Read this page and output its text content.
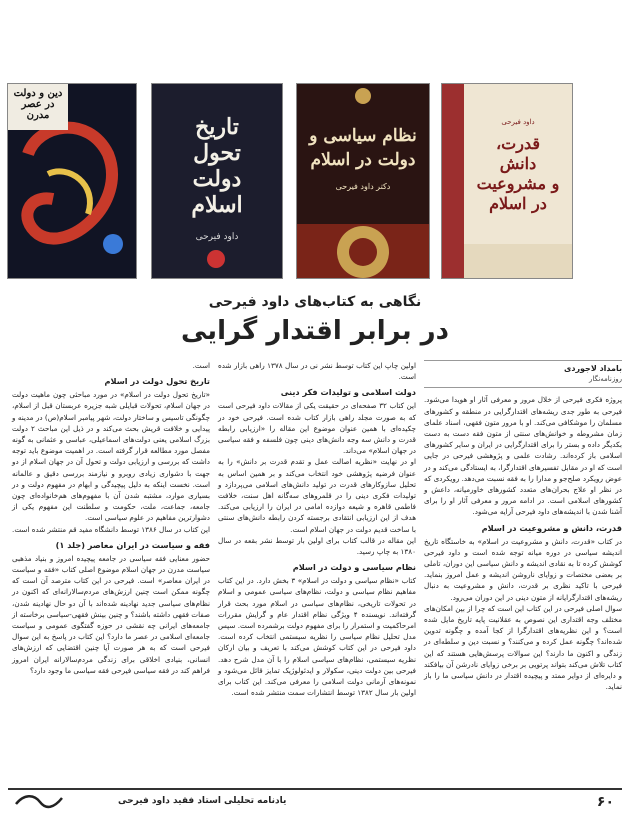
دین و دولت
در عصر مدرن	تاریخ
تحول
دولت
اسلام
داود فیرحی
نظام سیاسی و
دولت در اسلام
دکتر داود فیرحی
قدرت،
دانش
و مشروعیت
در اسلام
داود فیرحی
نگاهی به کتاب‌های داود فیرحی
در برابر اقتدار گرایی
بامداد لاجوردی
روزنامه‌نگار

پروژه فکری فیرحی از خلال مرور و معرفی آثار او هویدا می‌شود. فیرحی به طور جدی ریشه‌های اقتدارگرایی در منطقه و کشورهای مسلمان را موشکافی می‌کند. او با مرور متون فقهی، اسناد علمای زمان مشروطه و خوانش‌های سنتی از متون فقه دست به دست بکدیگر داده و بستر را برای اقتدارگرایی در ایران و سایر کشورهای اسلامی باز کرده‌اند. رشادت علمی و پژوهشی فیرحی در جایی است که او در مقابل تفسیرهای اقتدارگرا، به ایستادگی می‌کند و در عوض رویکرد صلح‌جو و مدارا را به فقه نسبت می‌دهد. رویکردی که در نظر او علاج بحران‌های متعدد کشورهای خاورمیانه، داعش و کشورهای اسلامی است. در ادامه مرور و معرفی آثار او را برای آشنا شدن با اندیشه‌های داود فیرحی آرایه می‌شود.

قدرت، دانش و مشروعیت در اسلام

در کتاب «قدرت، دانش و مشروعیت در اسلام» به خاستگاه تاریخ اندیشه سیاسی در دوره میانه توجه شده است و داود فیرحی کوشش کرده تا به نقادی اندیشه و دانش سیاسی این دوران، تاملی بر بعضی مختصات و زوایای ناروشن اندیشه و عمل امروز بنماید. فیرحی با تاکید نظری بر قدرت، دانش و مشروعیت به دنبال ریشه‌های اقتدارگرایانه از متون دینی در این دوران می‌رود.

سوال اصلی فیرحی در این کتاب این است که چرا از بین امکان‌های مختلف وجه اقتداری این نصوص به عقلانیت پایه تاریخ مایل شده است؟ و این نظریه‌های اقتدارگرا از کجا آمده و چگونه تدوین شده‌اند؟ چگونه عمل کرده و می‌کنند؟ و نسبت دین و سلطه‌ای در زندگی و اکنون ما دارند؟ این سوالات پرسش‌هایی هستند که این کتاب تلاش می‌کند بتواند پرتویی بر برخی زوایای نادرشن آن بیافکند و دایره‌ای از دوایر ممتد و پیچیده اقتدار در دانش سیاسی ما را باز نماید.

اولین چاپ این کتاب توسط نشر نی در سال ۱۳۷۸ راهی بازار شده است.

دولت اسلامی و تولیدات فکر دینی

این کتاب ۳۲ صفحه‌ای در حقیقت یکی از مقالات داود فیرحی است که به صورت مجلد راهی بازار کتاب شده است. فیرحی خود در چکیده‌ای با همین عنوان موضوع این مقاله را «ارزیابی رابطه قدرت و دانش سه وجه دانش‌های دینی چون فلسفه و فقه سیاسی در جهان اسلام» می‌داند.

او در نهایت «نظریه اصالت عمل و تقدم قدرت بر دانش» را به عنوان فرضیه پژوهشی خود انتخاب می‌کند و بر همین اساس به تحلیل سازوکارهای قدرت در تولید دانش‌های اسلامی می‌پردازد و تولیدات فکری دینی را در قلمروهای سه‌گانه اهل سنت، خلافت فاطمی قاهره و شیعه دوازده امامی در ایران را ارزیابی می‌کند. هدف از این ارزیابی انتقادی برجسته کردن رابطه دانش‌های سنتی با ساخت قدیم دولت در جهان اسلام است.

این مقاله در قالب کتاب برای اولین بار توسط نشر بقعه در سال ۱۳۸۰ به چاپ رسید.

نظام سیاسی و دولت در اسلام

کتاب «نظام سیاسی و دولت در اسلام» ۳ بخش دارد. در این کتاب مفاهیم نظام سیاسی و دولت، نظام‌های سیاسی عمومی و اسلام در تحولات تاریخی، نظام‌های سیاسی در اسلام مورد بحث قرار گرفته‌اند. نویسنده ۴ ویژگی نظام اقتدار عام و گرایش مقررات امرحاکمیت و استمرار را برای مفهوم دولت برشمرده است. سپس مدل تحلیل نظام سیاسی را نظریه سیستمی انتخاب کرده است. داود فیرحی در این کتاب کوشش می‌کند با تعریف و بیان ارکان نظریه سیستمی، نظام‌های سیاسی اسلام را با آن مدل شرح دهد. فیرحی بین دولت دینی، سکولار و ایدئولوژیک تمایز قائل می‌شود و نمونه‌های آرمانی دولت اسلامی را معرفی می‌کند. این کتاب برای اولین بار سال ۱۳۸۲ توسط انتشارات سمت منتشر شده است.

است.

تاریخ تحول دولت در اسلام

«تاریخ تحول دولت در اسلام» در مورد مباحثی چون ماهیت دولت در جهان اسلام، تحولات قبایلی شبه جزیره عربستان قبل از اسلام، چگونگی تاسیس و ساختار دولت، شهر پیامبر اسلام(ص) در مدینه و پیدایی و خلافت قریش بحث می‌کند و در ذیل این مباحث ۲ دولت بزرگ اسلامی یعنی دولت‌های اسماعیلی، عباسی و عثمانی به گونه مفصل مورد مطالعه قرار گرفته است. در اهمیت موضوع باید توجه داشت که بررسی و ارزیابی دولت و تحول آن در جهان اسلام از دو جهت با دشواری زیادی روبرو و نیازمند بررسی دقیق و عالمانه است. نخست اینکه به دلیل پیچیدگی و ابهام در مفهوم دولت و در بسیاری موارد، مشتبه شدن آن با مفهوم‌های هم‌خانواده‌ای چون جامعه، جماعت، ملت، حکومت و سلطنت این مفهوم یکی از دشوارترین مفاهیم در علوم سیاسی است.

این کتاب در سال ۱۳۸۶ توسط دانشگاه مفید قم منتشر شده است.

فقه و سیاست در ایران معاصر (جلد ۱)

حضور معنایی فقه سیاسی در جامعه پیچیده امروز و بنیاد مذهبی سیاست مدرن در جهان اسلام موضوع اصلی کتاب «فقه و سیاست در ایران معاصر» است. فیرحی در این کتاب مترصد آن است که چگونه ممکن است چنین ارزش‌های مردم‌سالارانه‌ای که اکنون در نظام‌های سیاسی جدید نهادینه شده‌اند با آن دو حال نهادینه شدن، صفات فقهی داشته باشند؟ و چنین بینش فقهی-سیاسی برخاسته از جامعه‌های ایرانی چه نقشی در حوزه گفتگوی عمومی و سیاست جامعه‌ای اسلامی در عصر ما دارد؟ این کتاب در پاسخ به این سوال فیرحی است که به هر صورت آیا چنین اقتضایی که ارزش‌های انسانی، بنیادی اخلاقی برای زندگی مردم‌سالارانه ایران امروز فراهم کند در فقه سیاسی فیرحی فقه سیاسی ما وجود دارد؟

۶۰
یادنامه تحلیلی استاد فقید داود فیرحی
